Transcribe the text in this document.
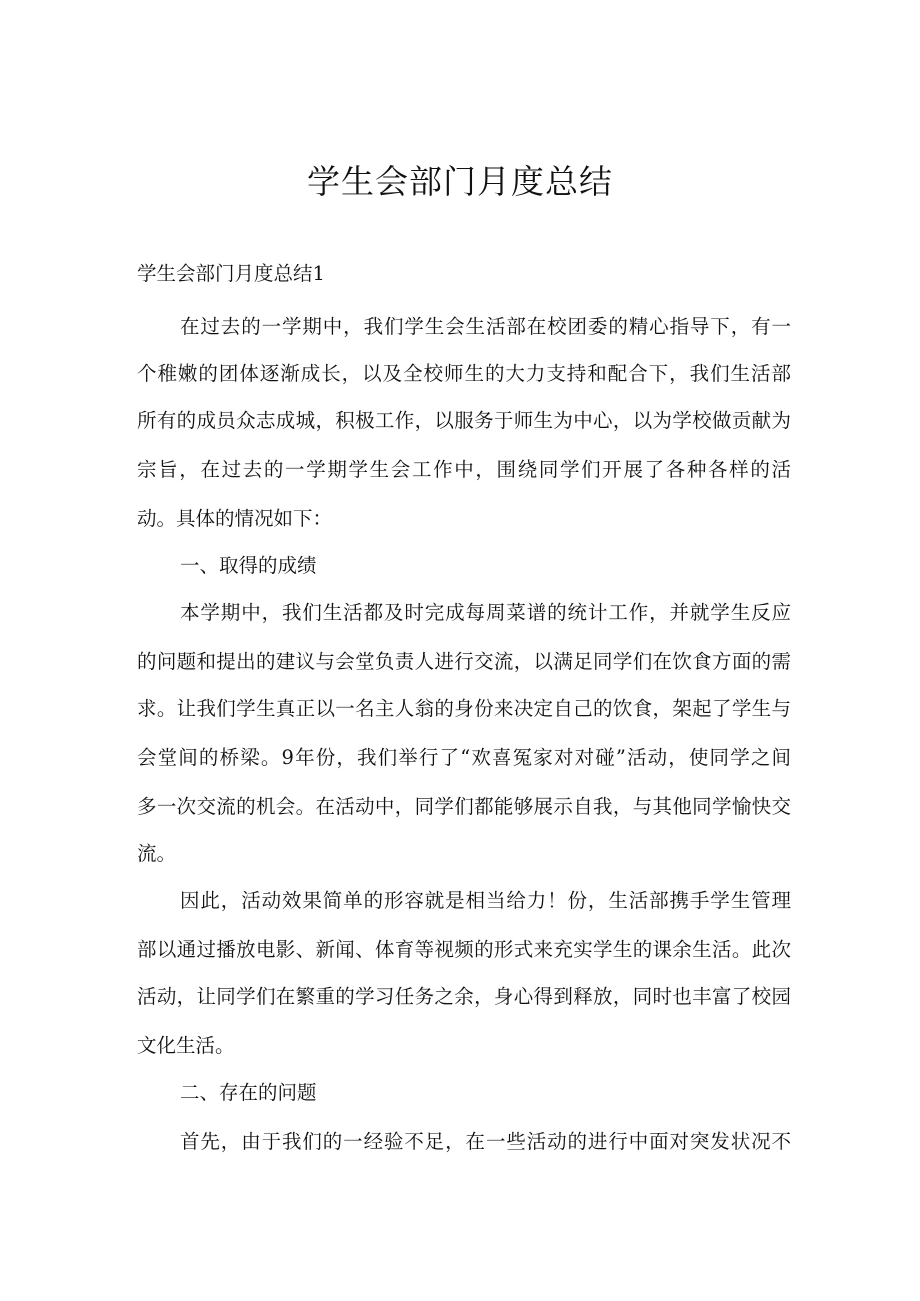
学生会部门月度总结
学生会部门月度总结1
在过去的一学期中，我们学生会生活部在校团委的精心指导下，有一
个稚嫩的团体逐渐成长，以及全校师生的大力支持和配合下，我们生活部
所有的成员众志成城，积极工作，以服务于师生为中心，以为学校做贡献为
宗旨，在过去的一学期学生会工作中，围绕同学们开展了各种各样的活
动。具体的情况如下：
一、取得的成绩
本学期中，我们生活都及时完成每周菜谱的统计工作，并就学生反应
的问题和提出的建议与会堂负责人进行交流，以满足同学们在饮食方面的需
求。让我们学生真正以一名主人翁的身份来决定自己的饮食，架起了学生与
会堂间的桥梁。9年份，我们举行了“欢喜冤家对对碰”活动，使同学之间
多一次交流的机会。在活动中，同学们都能够展示自我，与其他同学愉快交
流。
因此，活动效果简单的形容就是相当给力！份，生活部携手学生管理
部以通过播放电影、新闻、体育等视频的形式来充实学生的课余生活。此次
活动，让同学们在繁重的学习任务之余，身心得到释放，同时也丰富了校园
文化生活。
二、存在的问题
首先，由于我们的一经验不足，在一些活动的进行中面对突发状况不
